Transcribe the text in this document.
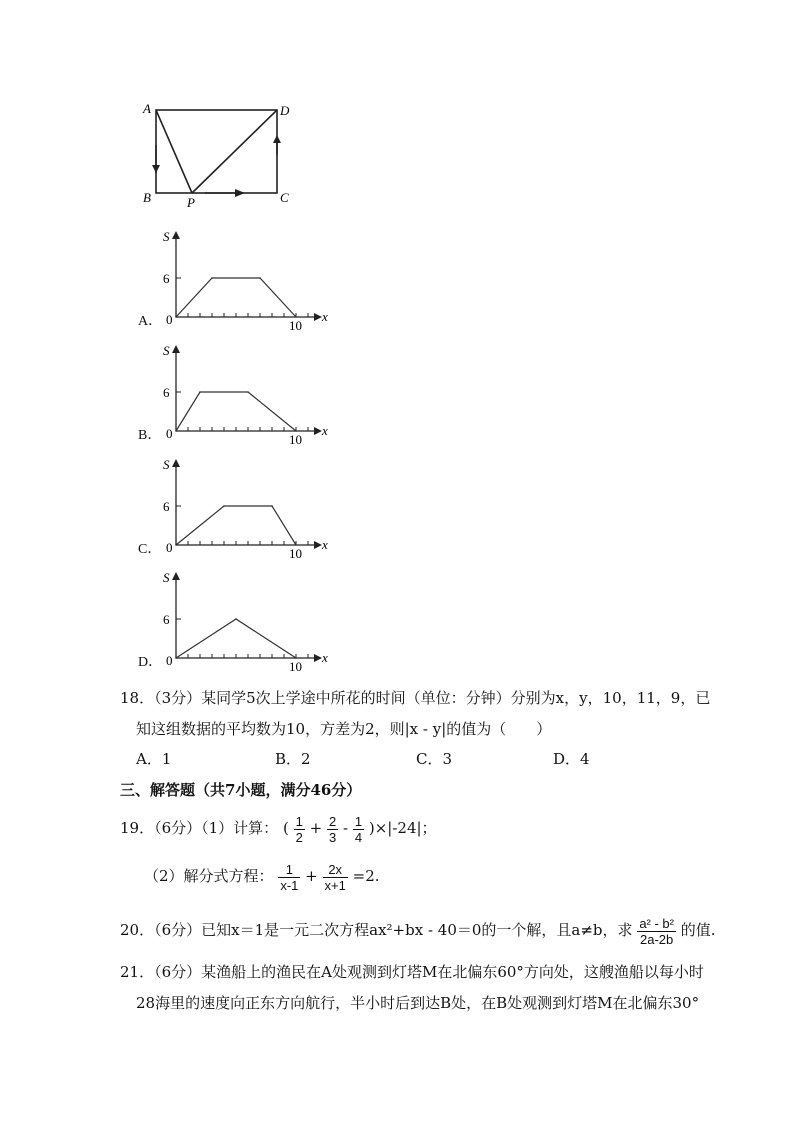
A	D
B	P	C
A．
S
x
0
6
10
B．
S
x
0
6
10
C．
S
x
0
6
10
D．
S
x
0
6
10
18．（3分）某同学5次上学途中所花的时间（单位：分钟）分别为x，y，10，11，9，已
知这组数据的平均数为10，方差为2，则|x - y|的值为（　　）
A．1	B．2	C．3	D．4
三、解答题（共7小题，满分46分）
19．（6分）（1）计算： ( $\frac{1}{2} + \frac{2}{3} - \frac{1}{4} )\times|-24|$；
（2）解分式方程： $\frac{1}{x-1} + \frac{2x}{x+1} =2$.
20．（6分）已知x＝1是一元二次方程ax²+bx - 40＝0的一个解，且a≠b，求 $\frac{\text{a² - b²}}{2a-2b}$ 的值.
21．（6分）某渔船上的渔民在A处观测到灯塔M在北偏东60°方向处，这艘渔船以每小时
28海里的速度向正东方向航行，半小时后到达B处，在B处观测到灯塔M在北偏东30°
